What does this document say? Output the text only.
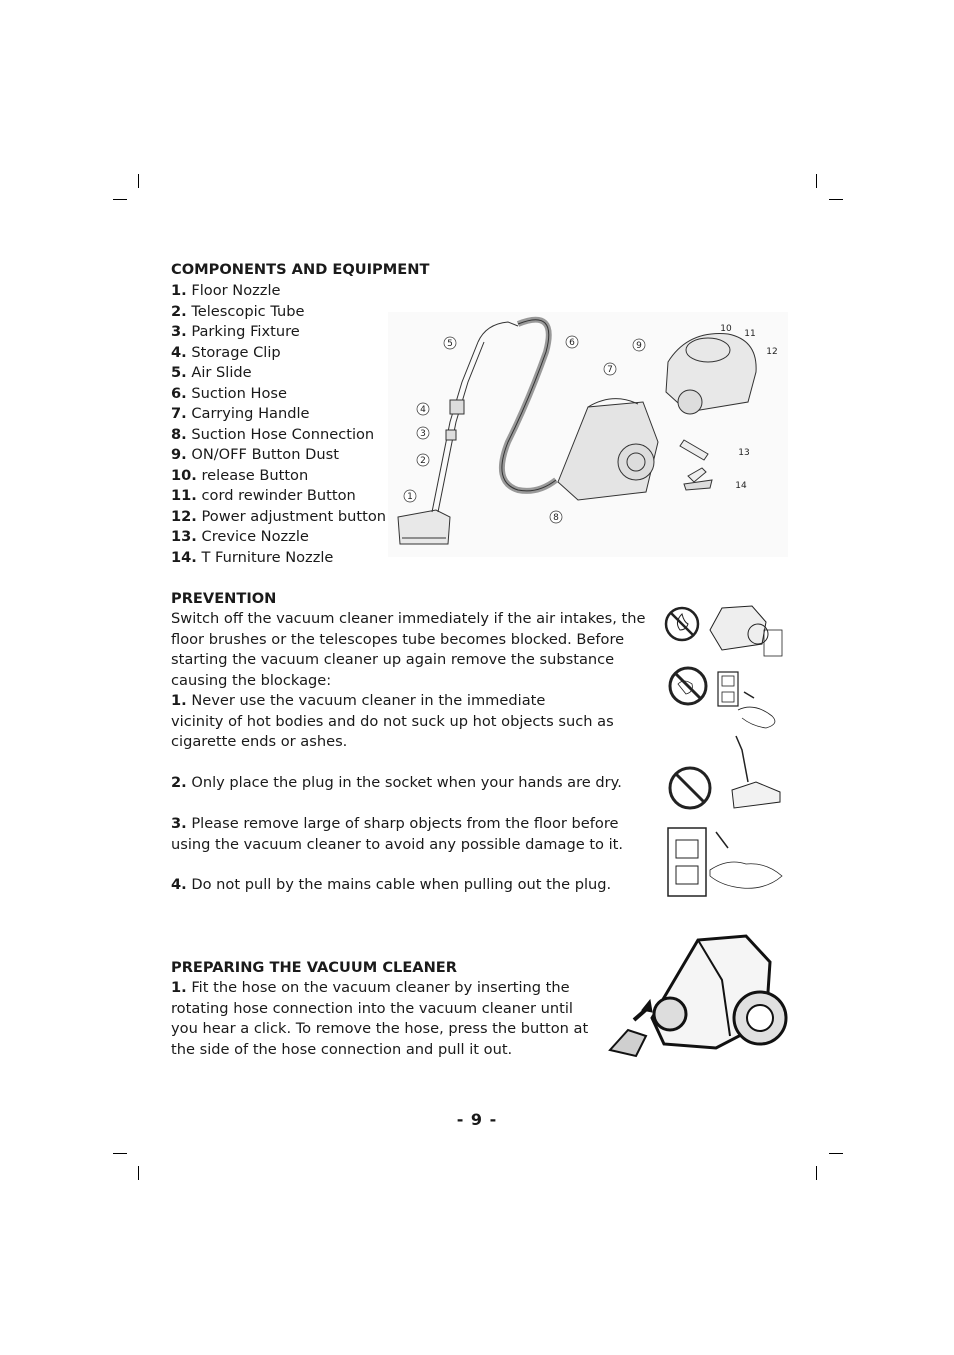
COMPONENTS AND EQUIPMENT
1. Floor Nozzle
2. Telescopic Tube
3. Parking Fixture
4. Storage Clip
5. Air Slide
6. Suction Hose
7. Carrying Handle
8. Suction Hose Connection
9. ON/OFF Button Dust
10. release Button
11. cord rewinder Button
12. Power adjustment button
13. Crevice Nozzle
14. T Furniture Nozzle
1
2
3
4
5	6
7
8
9
10 11
12
13
14
PREVENTION

Switch off the vacuum cleaner immediately if the air intakes, the floor brushes or the telescopes tube becomes blocked. Before starting the vacuum cleaner up again remove the substance causing the blockage:

1. Never use the vacuum cleaner in the immediate
vicinity of hot bodies and do not suck up hot objects such as cigarette ends or ashes.

2. Only place the plug in the socket when your hands are dry.

3. Please remove large of sharp objects from the floor before using the vacuum cleaner to avoid any possible damage to it.

4. Do not pull by the mains cable when pulling out the plug.

PREPARING THE VACUUM CLEANER

1. Fit the hose on the vacuum cleaner by inserting the rotating hose connection into the vacuum cleaner until you hear a click. To remove the hose, press the button at the side of the hose connection and pull it out.

- 9 -
